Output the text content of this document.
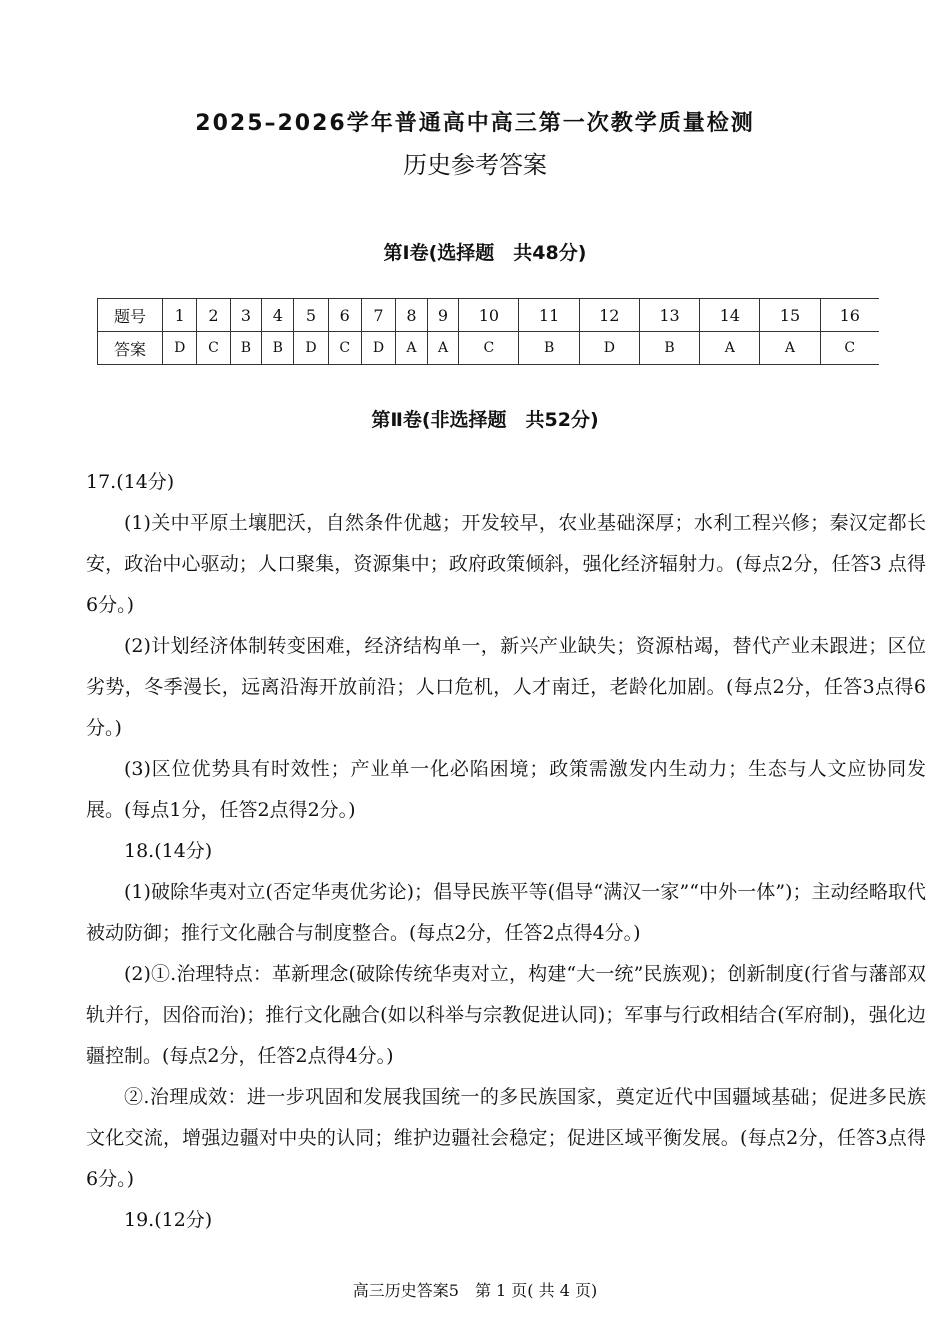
2025–2026学年普通高中高三第一次教学质量检测
历史参考答案
第Ⅰ卷(选择题　共48分)
题号	1	2	3	4	5	6	7	8	9	10	11	12	13	14	15	16
答案	D	C	B	B	D	C	D	A	A	C	B	D	B	A	A	C
第Ⅱ卷(非选择题　共52分)

17.(14分)

(1)关中平原土壤肥沃，自然条件优越；开发较早，农业基础深厚；水利工程兴修；秦汉定都长安，政治中心驱动；人口聚集，资源集中；政府政策倾斜，强化经济辐射力。(每点2分，任答3 点得6分。)

(2)计划经济体制转变困难，经济结构单一，新兴产业缺失；资源枯竭，替代产业未跟进；区位劣势，冬季漫长，远离沿海开放前沿；人口危机，人才南迁，老龄化加剧。(每点2分，任答3点得6分。)

(3)区位优势具有时效性；产业单一化必陷困境；政策需激发内生动力；生态与人文应协同发展。(每点1分，任答2点得2分。)

18.(14分)

(1)破除华夷对立(否定华夷优劣论)；倡导民族平等(倡导“满汉一家”“中外一体”)；主动经略取代被动防御；推行文化融合与制度整合。(每点2分，任答2点得4分。)

(2)①.治理特点：革新理念(破除传统华夷对立，构建“大一统”民族观)；创新制度(行省与藩部双轨并行，因俗而治)；推行文化融合(如以科举与宗教促进认同)；军事与行政相结合(军府制)，强化边疆控制。(每点2分，任答2点得4分。)

②.治理成效：进一步巩固和发展我国统一的多民族国家，奠定近代中国疆域基础；促进多民族文化交流，增强边疆对中央的认同；维护边疆社会稳定；促进区域平衡发展。(每点2分，任答3点得6分。)

19.(12分)

高三历史答案5　第 1 页( 共 4 页)
